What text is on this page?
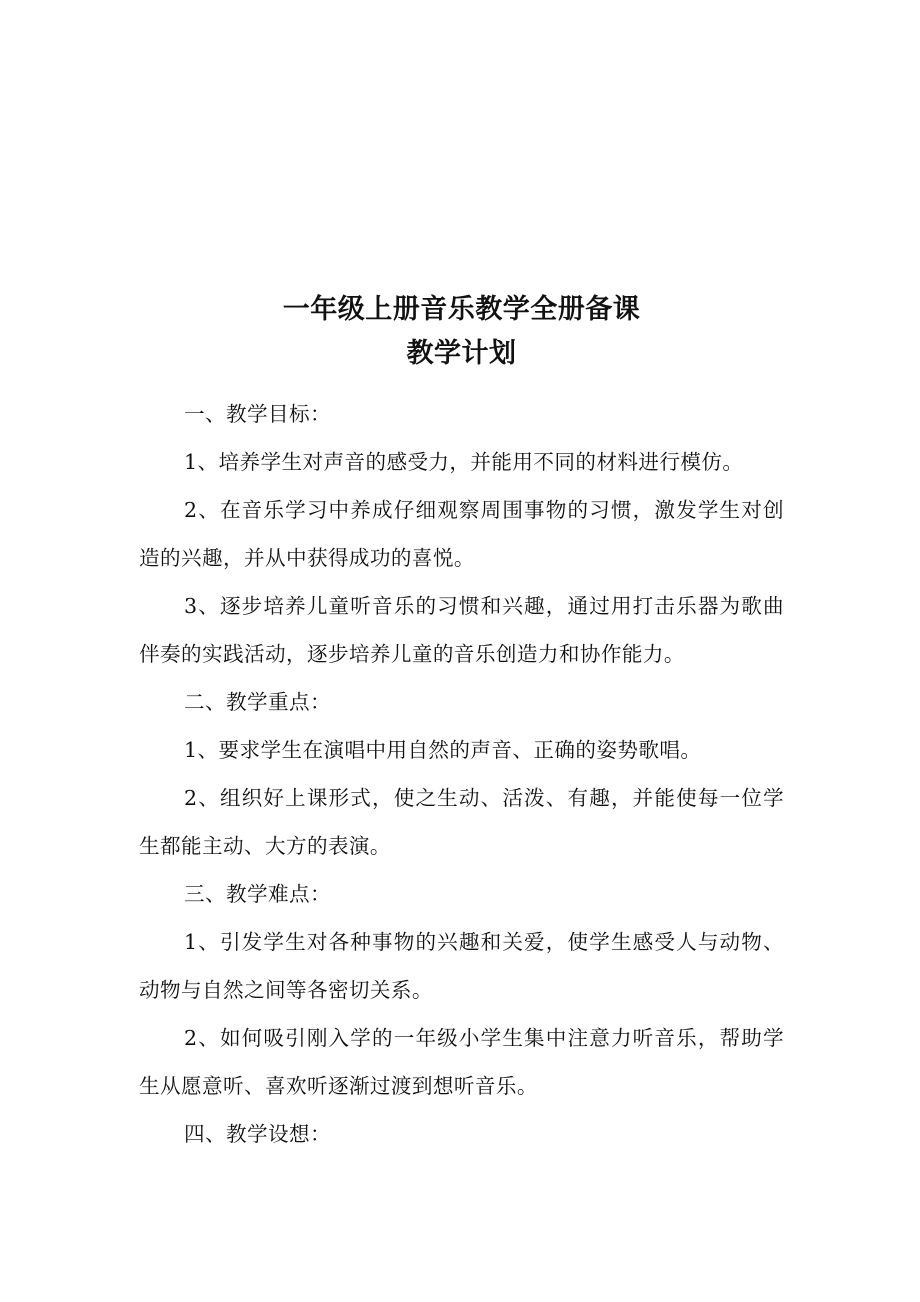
一年级上册音乐教学全册备课
教学计划

一、教学目标：

1、培养学生对声音的感受力，并能用不同的材料进行模仿。

2、在音乐学习中养成仔细观察周围事物的习惯，激发学生对创造的兴趣，并从中获得成功的喜悦。

3、逐步培养儿童听音乐的习惯和兴趣，通过用打击乐器为歌曲伴奏的实践活动，逐步培养儿童的音乐创造力和协作能力。

二、教学重点：

1、要求学生在演唱中用自然的声音、正确的姿势歌唱。

2、组织好上课形式，使之生动、活泼、有趣，并能使每一位学生都能主动、大方的表演。

三、教学难点：

1、引发学生对各种事物的兴趣和关爱，使学生感受人与动物、动物与自然之间等各密切关系。

2、如何吸引刚入学的一年级小学生集中注意力听音乐，帮助学生从愿意听、喜欢听逐渐过渡到想听音乐。

四、教学设想：
